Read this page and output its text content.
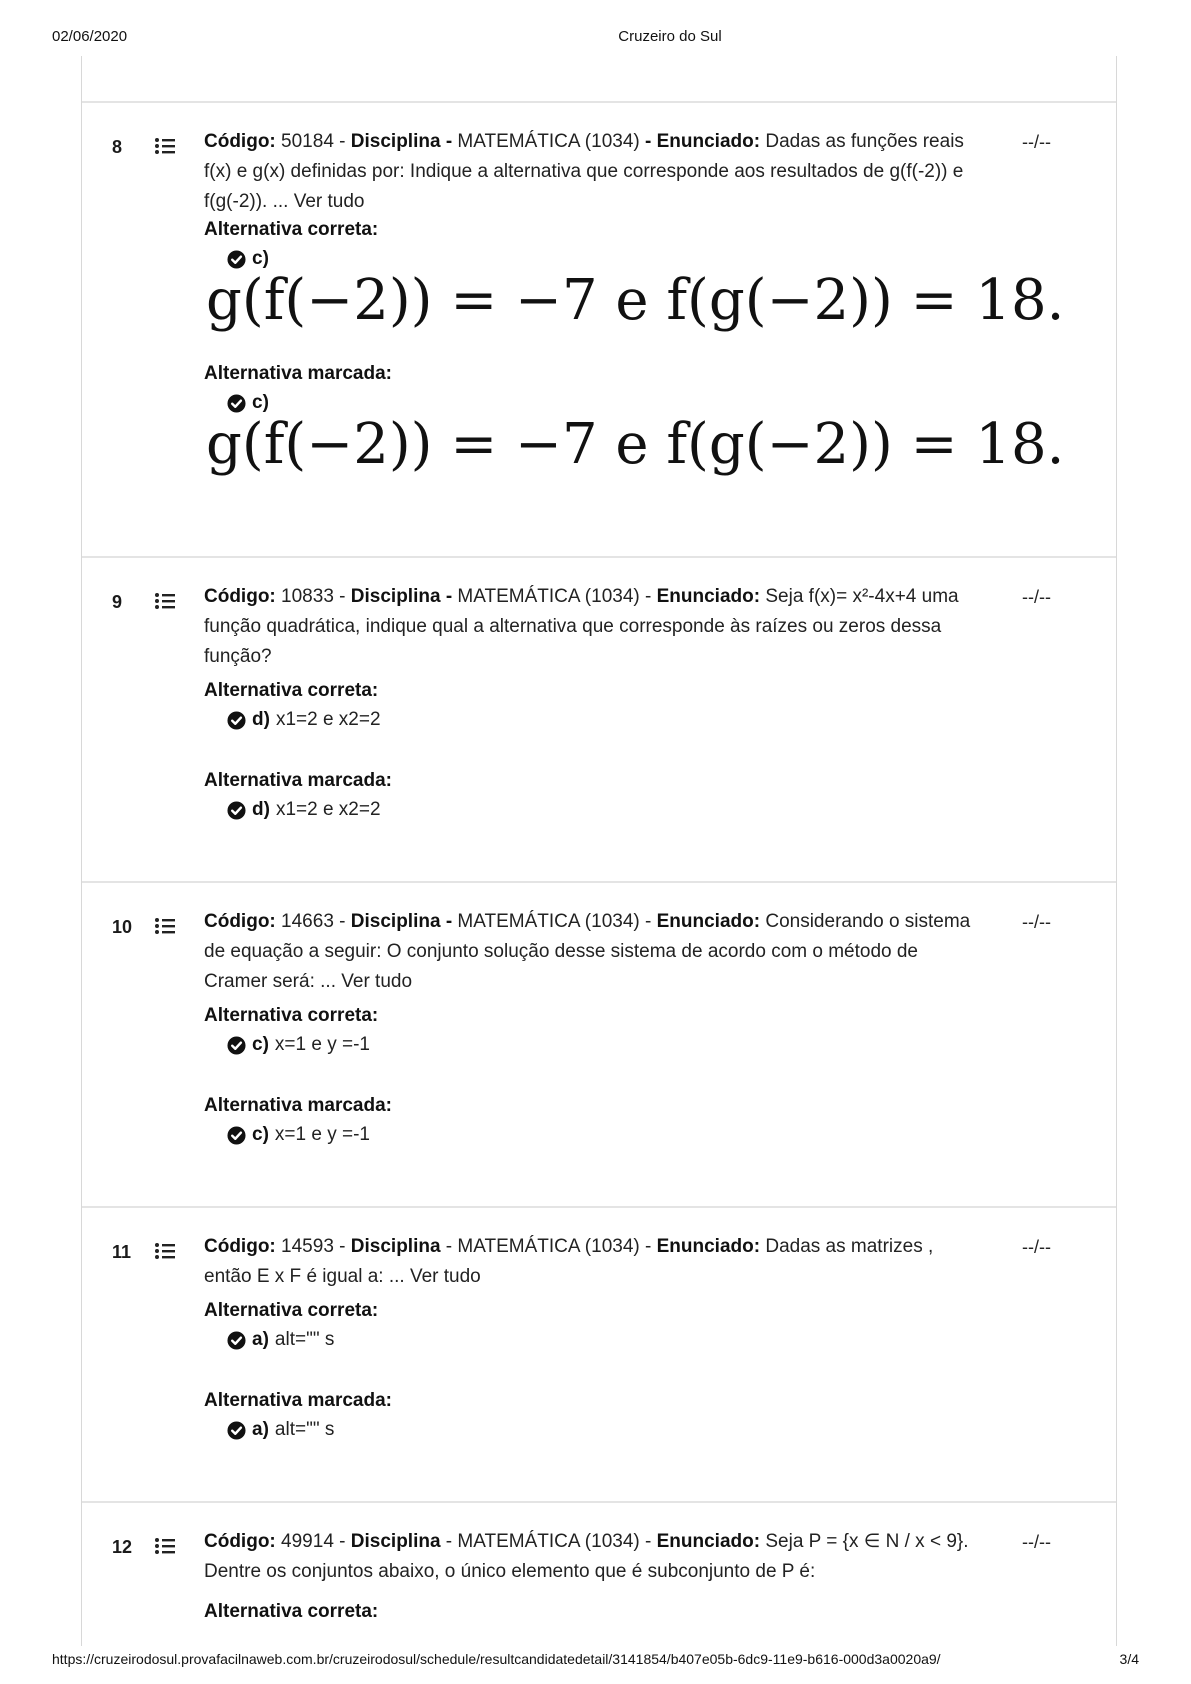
02/06/2020	Cruzeiro do Sul
8	Código: 50184 - Disciplina - MATEMÁTICA (1034) - Enunciado: Dadas as funções reais f(x) e g(x) definidas por: Indique a alternativa que corresponde aos resultados de g(f(-2)) e f(g(-2)). ... Ver tudo
--/--
Alternativa correta:
c)
g(f(−2)) = −7 e f(g(−2)) = 18.
Alternativa marcada:
c)
g(f(−2)) = −7 e f(g(−2)) = 18.
9	Código: 10833 - Disciplina - MATEMÁTICA (1034) - Enunciado: Seja f(x)= x²-4x+4 uma função quadrática, indique qual a alternativa que corresponde às raízes ou zeros dessa função?
--/--
Alternativa correta:
d) x1=2 e x2=2
Alternativa marcada:
d) x1=2 e x2=2
10	Código: 14663 - Disciplina - MATEMÁTICA (1034) - Enunciado: Considerando o sistema de equação a seguir: O conjunto solução desse sistema de acordo com o método de Cramer será: ... Ver tudo
--/--
Alternativa correta:
c) x=1 e y =-1
Alternativa marcada:
c) x=1 e y =-1
11	Código: 14593 - Disciplina - MATEMÁTICA (1034) - Enunciado: Dadas as matrizes , então E x F é igual a: ... Ver tudo
--/--
Alternativa correta:
a) alt="" s
Alternativa marcada:
a) alt="" s
12	Código: 49914 - Disciplina - MATEMÁTICA (1034) - Enunciado: Seja P = {x ∈ N / x < 9}. Dentre os conjuntos abaixo, o único elemento que é subconjunto de P é:
--/--
Alternativa correta:
https://cruzeirodosul.provafacilnaweb.com.br/cruzeirodosul/schedule/resultcandidatedetail/3141854/b407e05b-6dc9-11e9-b616-000d3a0020a9/	3/4
